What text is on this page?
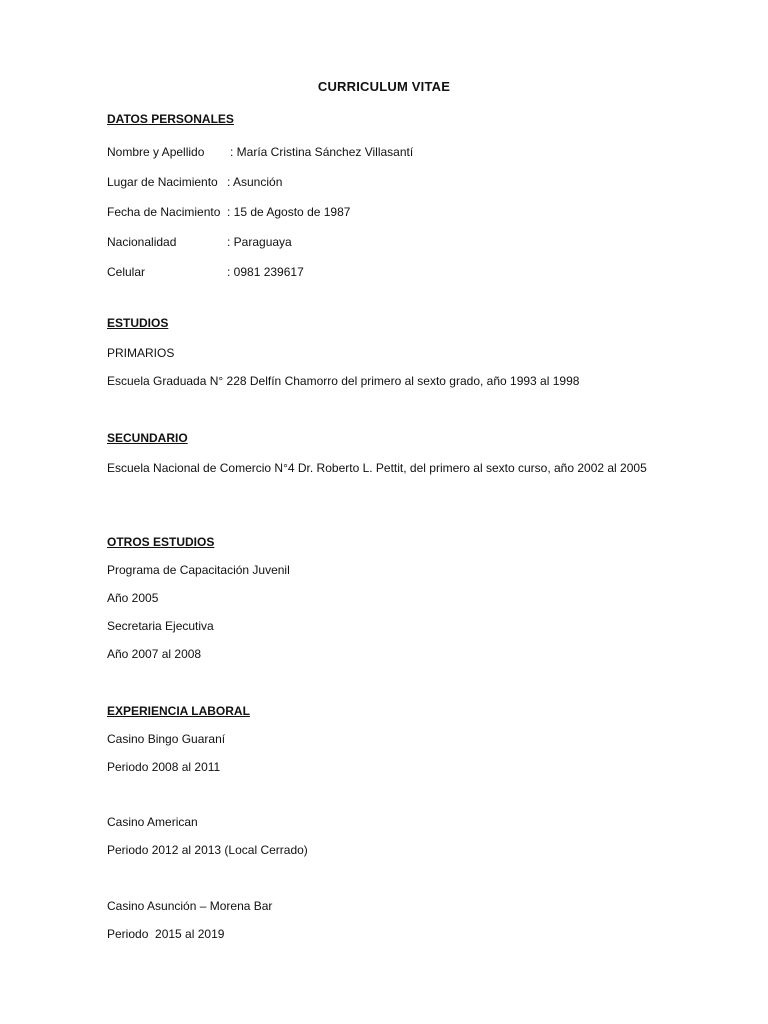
CURRICULUM VITAE

DATOS PERSONALES

Nombre y Apellido : María Cristina Sánchez Villasantí

Lugar de Nacimiento : Asunción

Fecha de Nacimiento : 15 de Agosto de 1987

Nacionalidad	: Paraguaya

Celular	: 0981 239617

ESTUDIOS

PRIMARIOS

Escuela Graduada N° 228 Delfín Chamorro del primero al sexto grado, año 1993 al 1998

SECUNDARIO

Escuela Nacional de Comercio N°4 Dr. Roberto L. Pettit, del primero al sexto curso, año 2002 al 2005

OTROS ESTUDIOS

Programa de Capacitación Juvenil

Año 2005

Secretaria Ejecutiva

Año 2007 al 2008

EXPERIENCIA LABORAL

Casino Bingo Guaraní

Periodo 2008 al 2011

Casino American

Periodo 2012 al 2013 (Local Cerrado)

Casino Asunción – Morena Bar

Periodo  2015 al 2019
